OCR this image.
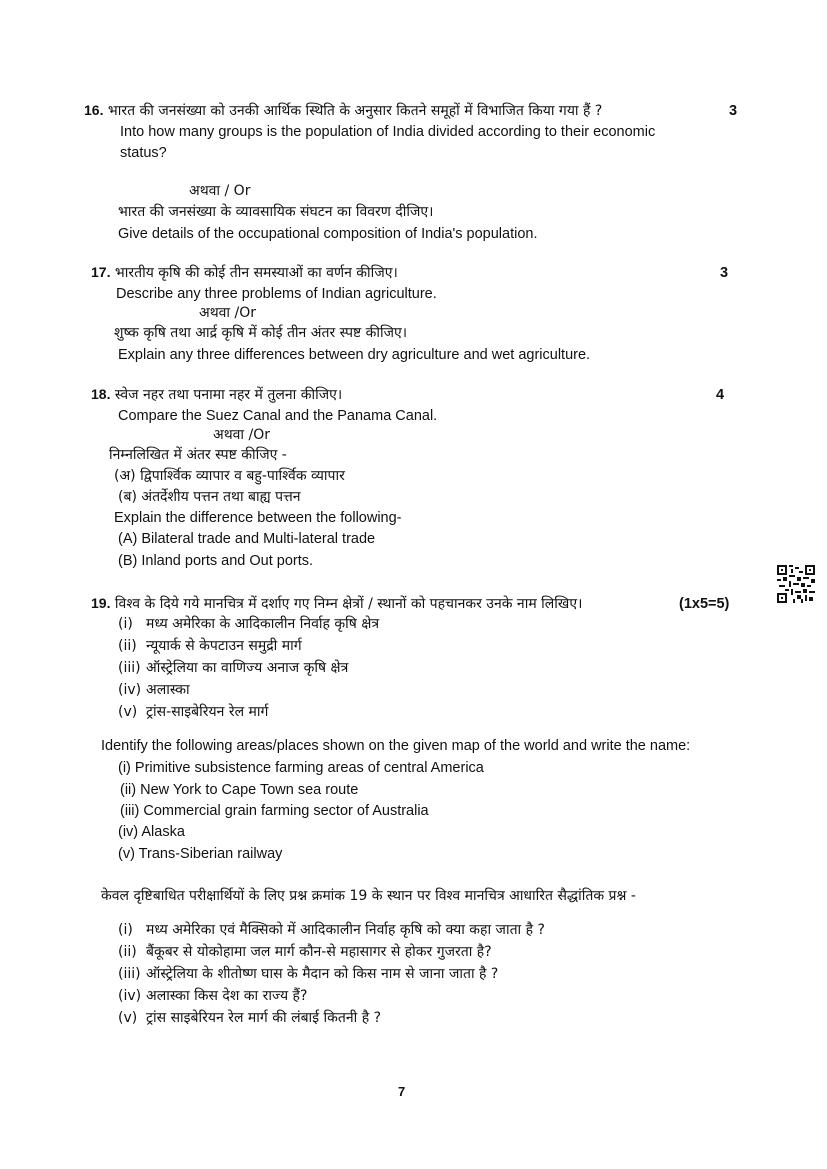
16. भारत की जनसंख्या को उनकी आर्थिक स्थिति के अनुसार कितने समूहों में विभाजित किया गया हैं ?	3
Into how many groups is the population of India divided according to their economic
status?
अथवा / Or
भारत की जनसंख्या के व्यावसायिक संघटन का विवरण दीजिए।
Give details of the occupational composition of India's population.
17. भारतीय कृषि की कोई तीन समस्याओं का वर्णन कीजिए।	3
Describe any three problems of Indian agriculture.
अथवा /Or
शुष्क कृषि तथा आर्द्र कृषि में कोई तीन अंतर स्पष्ट कीजिए।
Explain any three differences between dry agriculture and wet agriculture.
18. स्वेज नहर तथा पनामा नहर में तुलना कीजिए।	4
Compare the Suez Canal and the Panama Canal.
अथवा /Or
निम्नलिखित में अंतर स्पष्ट कीजिए -
(अ) द्विपार्श्विक व्यापार व बहु-पार्श्विक व्यापार
(ब) अंतर्देशीय पत्तन तथा बाह्य पत्तन
Explain the difference between the following-
(A) Bilateral trade and Multi-lateral trade
(B) Inland ports and Out ports.
19. विश्व के दिये गये मानचित्र में दर्शाए गए निम्न क्षेत्रों / स्थानों को पहचानकर उनके नाम लिखिए।	(1x5=5)
(i) मध्य अमेरिका के आदिकालीन निर्वाह कृषि क्षेत्र
(ii) न्यूयार्क से केपटाउन समुद्री मार्ग
(iii) ऑस्ट्रेलिया का वाणिज्य अनाज कृषि क्षेत्र
(iv) अलास्का
(v) ट्रांस-साइबेरियन रेल मार्ग
Identify the following areas/places shown on the given map of the world and write the name:
(i) Primitive subsistence farming areas of central America
(ii) New York to Cape Town sea route
(iii) Commercial grain farming sector of Australia
(iv) Alaska
(v) Trans-Siberian railway
केवल दृष्टिबाधित परीक्षार्थियों के लिए प्रश्न क्रमांक 19 के स्थान पर विश्व मानचित्र आधारित सैद्धांतिक प्रश्न -
(i) मध्य अमेरिका एवं मैक्सिको में आदिकालीन निर्वाह कृषि को क्या कहा जाता है ?
(ii) बैंकूबर से योकोहामा जल मार्ग कौन-से महासागर से होकर गुजरता है?
(iii) ऑस्ट्रेलिया के शीतोष्ण घास के मैदान को किस नाम से जाना जाता है ?
(iv) अलास्का किस देश का राज्य हैं?
(v) ट्रांस साइबेरियन रेल मार्ग की लंबाई कितनी है ?
7
